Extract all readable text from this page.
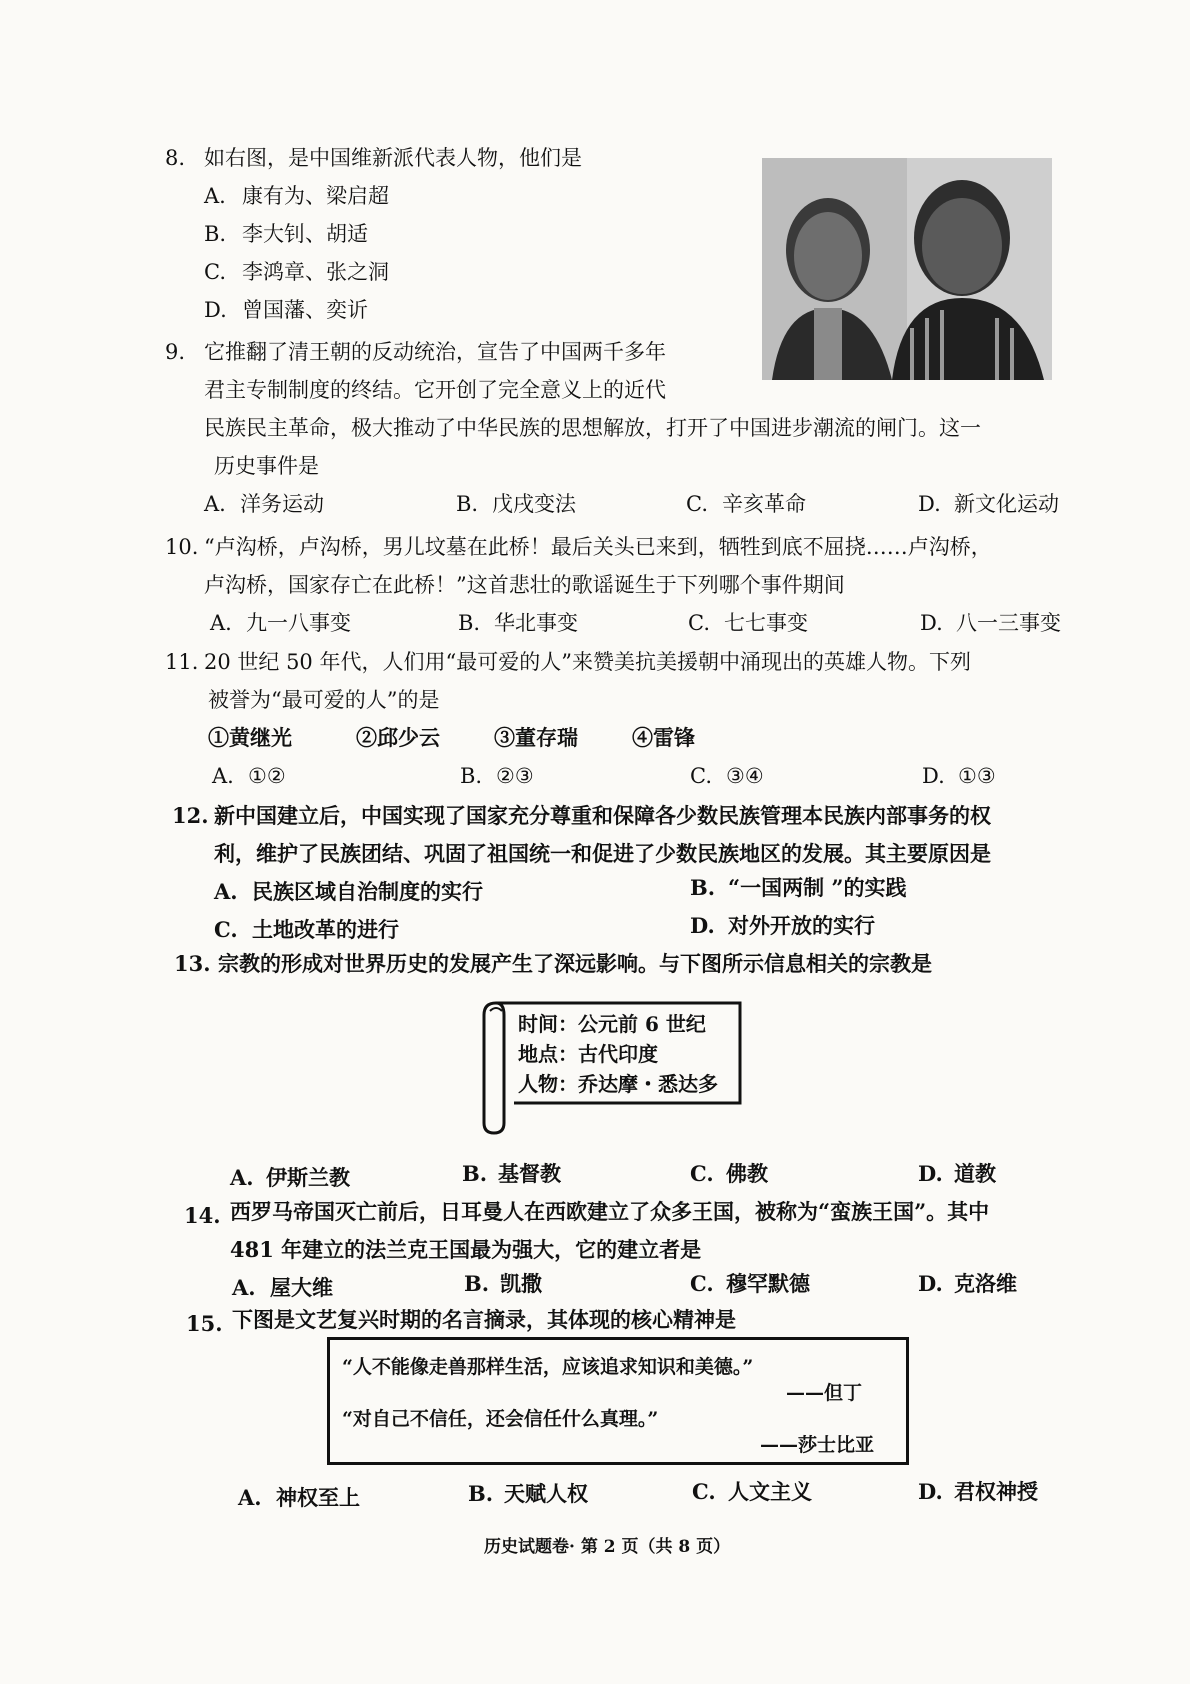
8. 如右图，是中国维新派代表人物，他们是
A. 康有为、梁启超
B. 李大钊、胡适
C. 李鸿章、张之洞
D. 曾国藩、奕䜣
9. 它推翻了清王朝的反动统治，宣告了中国两千多年
君主专制制度的终结。它开创了完全意义上的近代
民族民主革命，极大推动了中华民族的思想解放，打开了中国进步潮流的闸门。这一
历史事件是
A. 洋务运动	B. 戊戌变法	C. 辛亥革命	D. 新文化运动
10. “卢沟桥，卢沟桥，男儿坟墓在此桥！最后关头已来到，牺牲到底不屈挠……卢沟桥，
卢沟桥，国家存亡在此桥！”这首悲壮的歌谣诞生于下列哪个事件期间
A. 九一八事变	B. 华北事变	C. 七七事变	D. 八一三事变
11. 20 世纪 50 年代，人们用“最可爱的人”来赞美抗美援朝中涌现出的英雄人物。下列
被誉为“最可爱的人”的是
①黄继光	②邱少云	③董存瑞	④雷锋
A. ①②	B. ②③	C. ③④	D. ①③
12. 新中国建立后，中国实现了国家充分尊重和保障各少数民族管理本民族内部事务的权
利，维护了民族团结、巩固了祖国统一和促进了少数民族地区的发展。其主要原因是
A. 民族区域自治制度的实行	B. “一国两制 ”的实践
C. 土地改革的进行	D. 对外开放的实行
13. 宗教的形成对世界历史的发展产生了深远影响。与下图所示信息相关的宗教是
时间：公元前 6 世纪
地点：古代印度
人物：乔达摩・悉达多
A. 伊斯兰教	B. 基督教	C. 佛教	D. 道教
14. 西罗马帝国灭亡前后，日耳曼人在西欧建立了众多王国，被称为“蛮族王国”。其中
481 年建立的法兰克王国最为强大，它的建立者是
A. 屋大维	B. 凯撒	C. 穆罕默德	D. 克洛维
15. 下图是文艺复兴时期的名言摘录，其体现的核心精神是
“人不能像走兽那样生活，应该追求知识和美德。”
——但丁
“对自己不信任，还会信任什么真理。”
——莎士比亚
A. 神权至上	B. 天赋人权	C. 人文主义	D. 君权神授
历史试题卷· 第 2 页（共 8 页）
